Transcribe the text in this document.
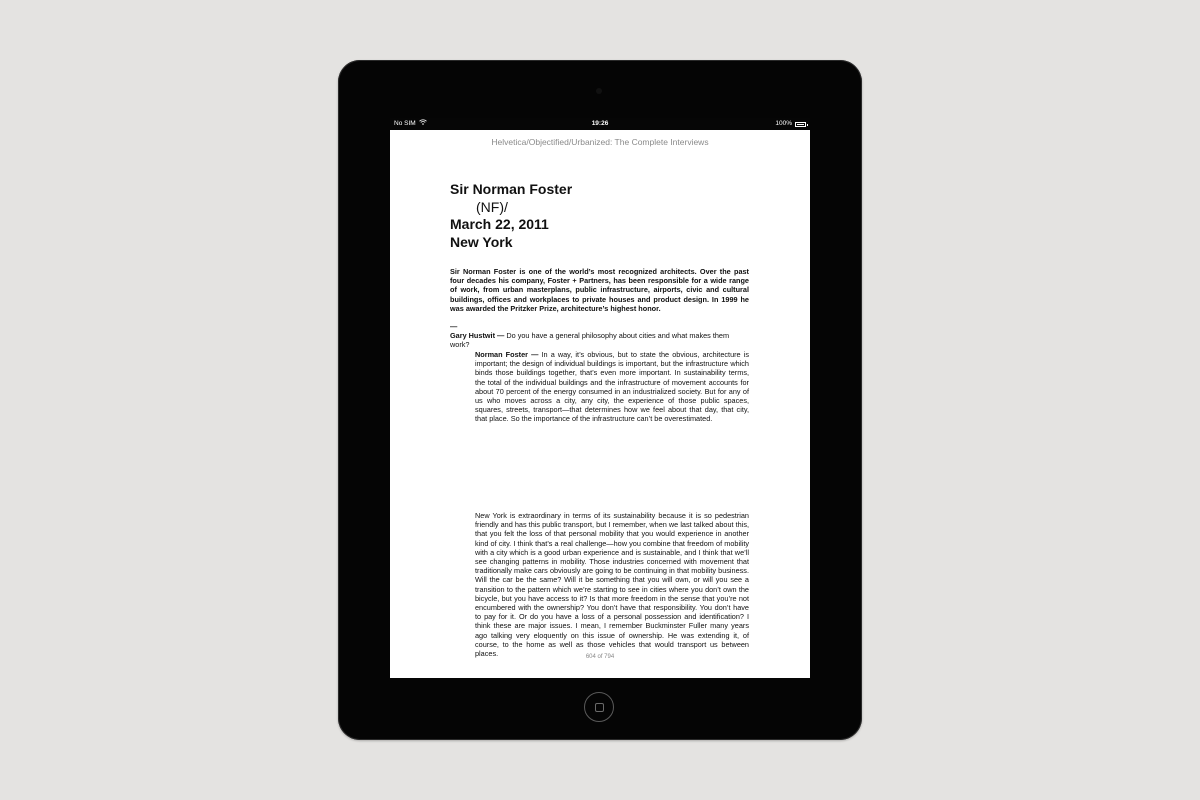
No SIM	19:26	100%
Helvetica/Objectified/Urbanized: The Complete Interviews
Sir Norman Foster
(NF)/
March 22, 2011
New York
Sir Norman Foster is one of the world’s most recognized architects. Over the past four decades his company, Foster + Partners, has been responsible for a wide range of work, from urban masterplans, public infrastructure, airports, civic and cultural buildings, offices and workplaces to private houses and product design. In 1999 he was awarded the Pritzker Prize, architecture’s highest honor.
—
Gary Hustwit — Do you have a general philosophy about cities and what makes them work?
Norman Foster — In a way, it’s obvious, but to state the obvious, architecture is important; the design of individual buildings is important, but the infrastructure which binds those buildings together, that’s even more important. In sustainability terms, the total of the individual buildings and the infrastructure of movement accounts for about 70 percent of the energy consumed in an industrialized society. But for any of us who moves across a city, any city, the experience of those public spaces, squares, streets, transport—that determines how we feel about that day, that city, that place. So the importance of the infrastructure can’t be overestimated.
New York is extraordinary in terms of its sustainability because it is so pedestrian friendly and has this public transport, but I remember, when we last talked about this, that you felt the loss of that personal mobility that you would experience in another kind of city. I think that’s a real challenge—how you combine that freedom of mobility with a city which is a good urban experience and is sustainable, and I think that we’ll see changing patterns in mobility. Those industries concerned with movement that traditionally make cars obviously are going to be continuing in that mobility business. Will the car be the same? Will it be something that you will own, or will you see a transition to the pattern which we’re starting to see in cities where you don’t own the bicycle, but you have access to it? Is that more freedom in the sense that you’re not encumbered with the ownership? You don’t have that responsibility. You don’t have to pay for it. Or do you have a loss of a personal possession and identification? I think these are major issues. I mean, I remember Buckminster Fuller many years ago talking very eloquently on this issue of ownership. He was extending it, of course, to the home as well as those vehicles that would transport us between places.	604 of 794
